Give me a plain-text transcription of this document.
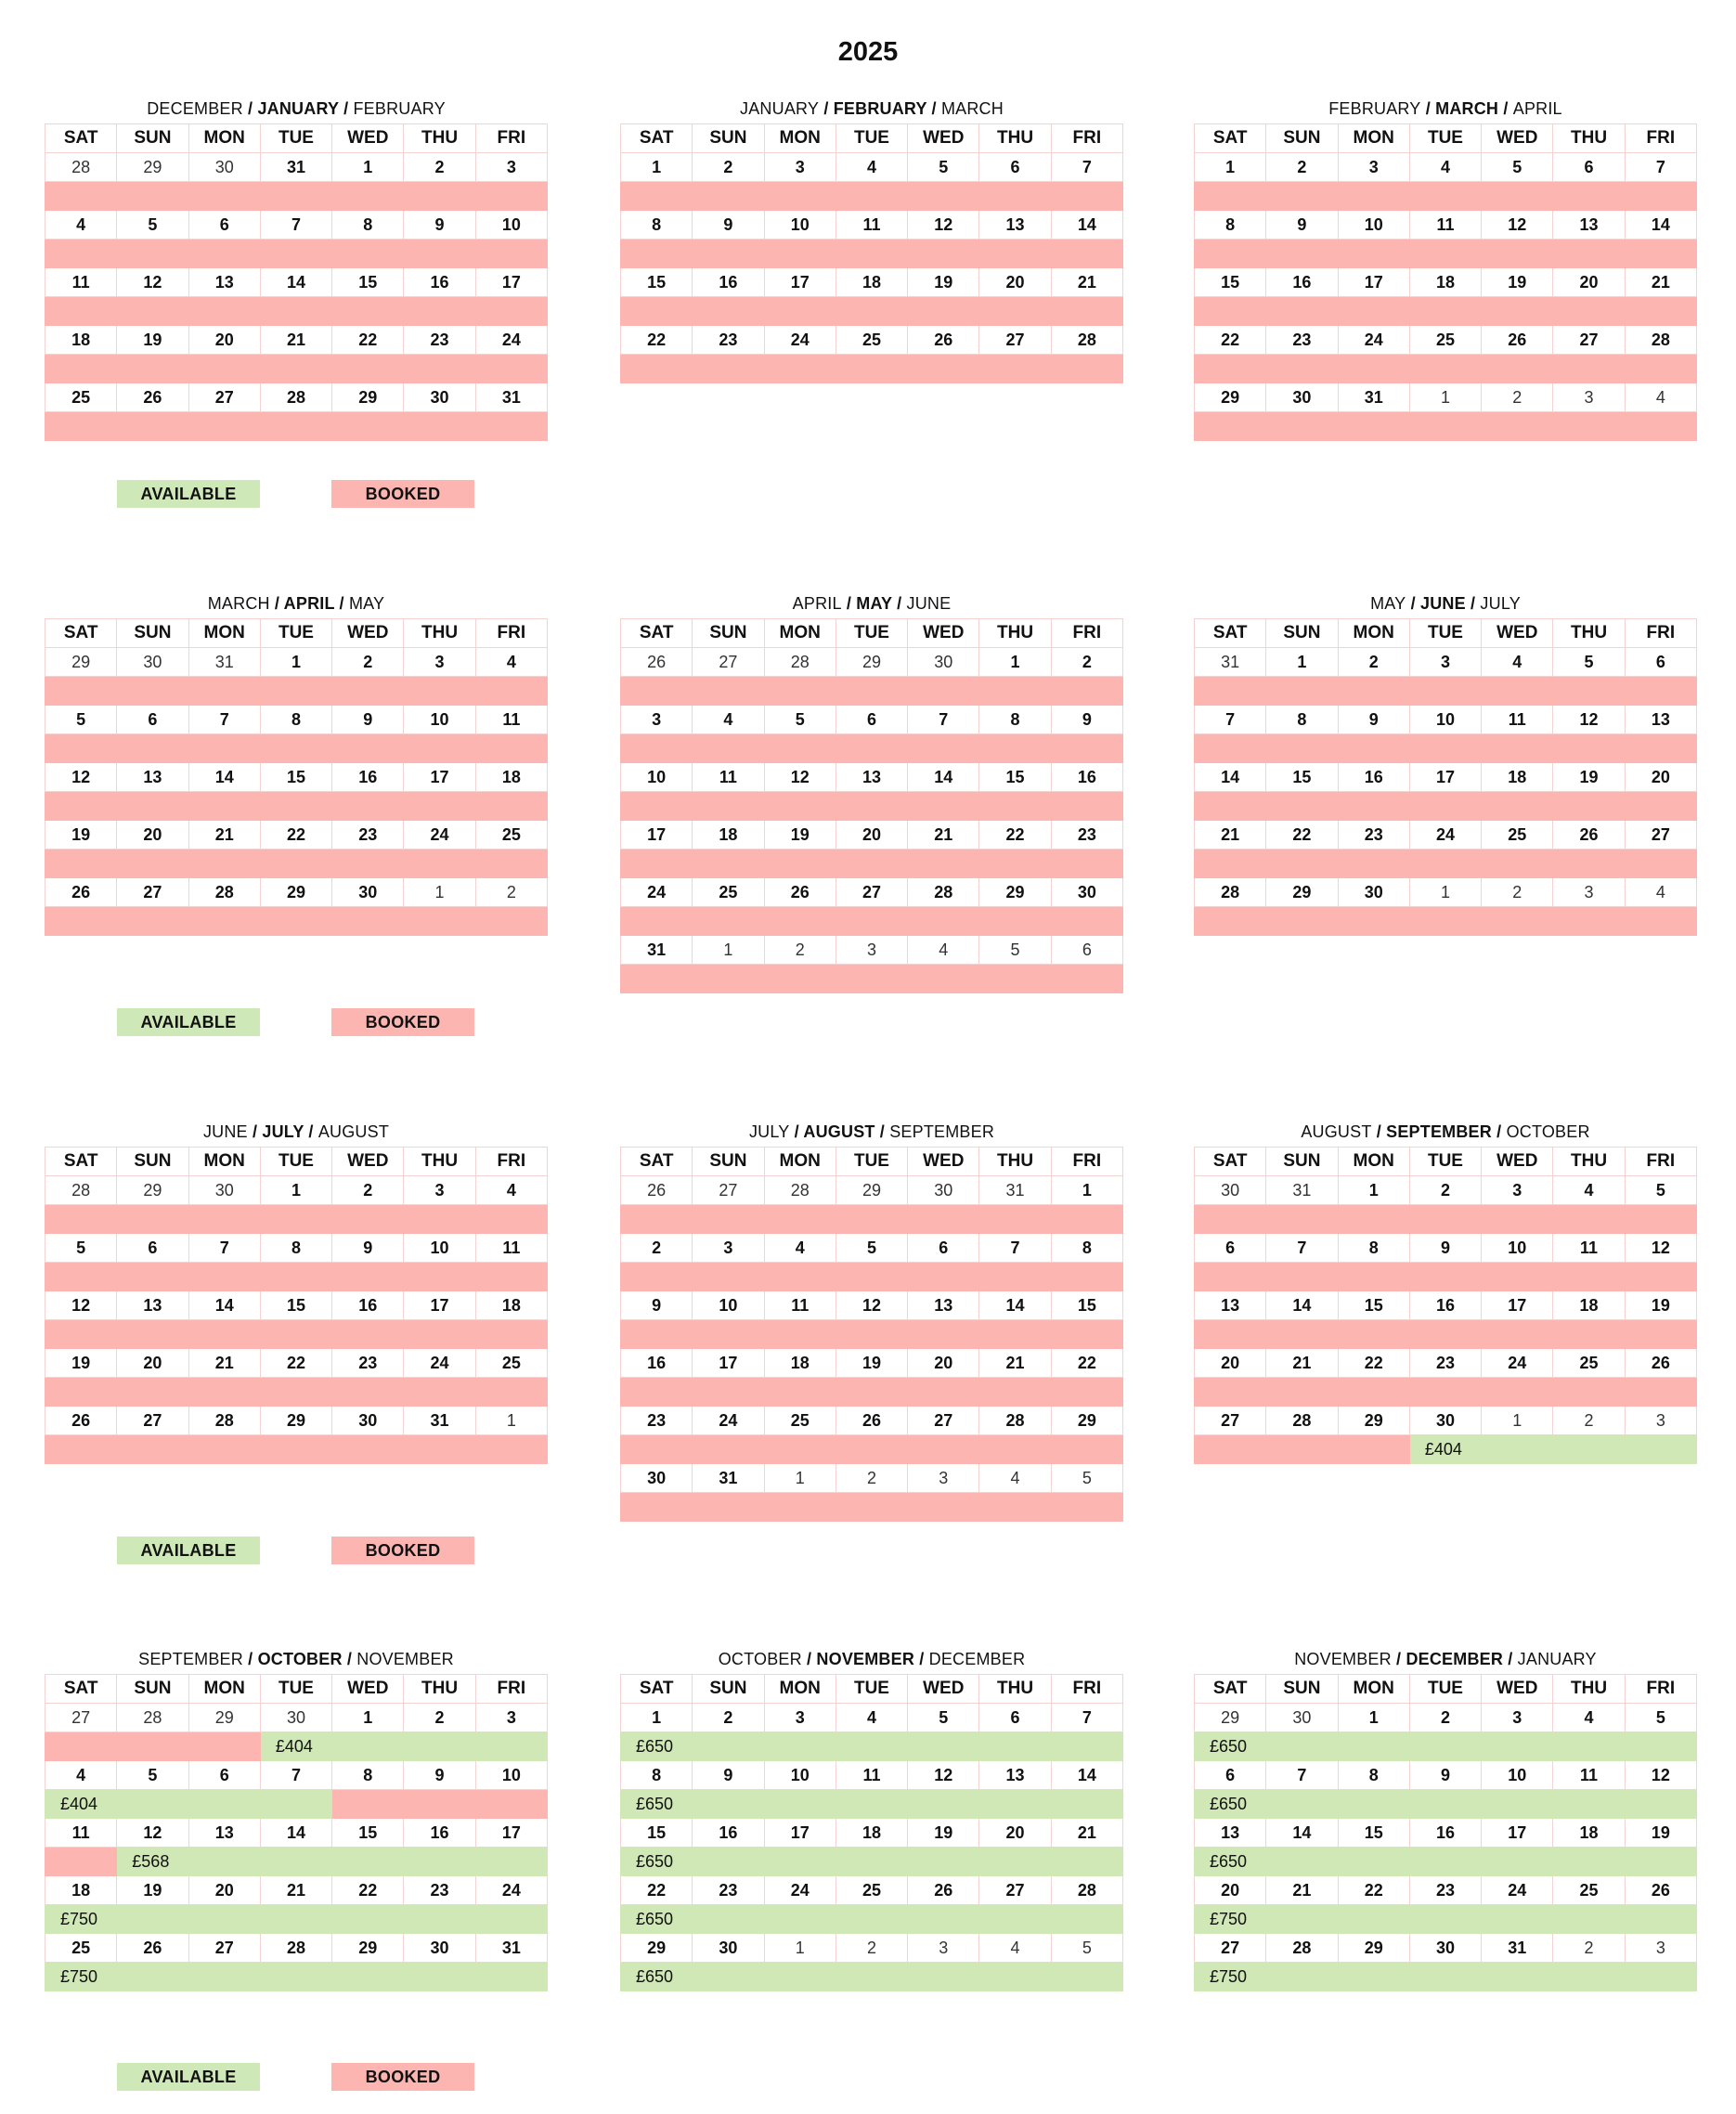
2025
DECEMBER / JANUARY / FEBRUARY
SAT	SUN	MON	TUE	WED	THU	FRI
28	29	30	31	1	2	3

4	5	6	7	8	9	10

11	12	13	14	15	16	17

18	19	20	21	22	23	24

25	26	27	28	29	30	31

JANUARY / FEBRUARY / MARCH
SAT	SUN	MON	TUE	WED	THU	FRI
1	2	3	4	5	6	7

8	9	10	11	12	13	14

15	16	17	18	19	20	21

22	23	24	25	26	27	28

FEBRUARY / MARCH / APRIL
SAT	SUN	MON	TUE	WED	THU	FRI
1	2	3	4	5	6	7

8	9	10	11	12	13	14

15	16	17	18	19	20	21

22	23	24	25	26	27	28

29	30	31	1	2	3	4

MARCH / APRIL / MAY
SAT	SUN	MON	TUE	WED	THU	FRI
29	30	31	1	2	3	4

5	6	7	8	9	10	11

12	13	14	15	16	17	18

19	20	21	22	23	24	25

26	27	28	29	30	1	2

APRIL / MAY / JUNE
SAT	SUN	MON	TUE	WED	THU	FRI
26	27	28	29	30	1	2

3	4	5	6	7	8	9

10	11	12	13	14	15	16

17	18	19	20	21	22	23

24	25	26	27	28	29	30

31	1	2	3	4	5	6

MAY / JUNE / JULY
SAT	SUN	MON	TUE	WED	THU	FRI
31	1	2	3	4	5	6

7	8	9	10	11	12	13

14	15	16	17	18	19	20

21	22	23	24	25	26	27

28	29	30	1	2	3	4

JUNE / JULY / AUGUST
SAT	SUN	MON	TUE	WED	THU	FRI
28	29	30	1	2	3	4

5	6	7	8	9	10	11

12	13	14	15	16	17	18

19	20	21	22	23	24	25

26	27	28	29	30	31	1

JULY / AUGUST / SEPTEMBER
SAT	SUN	MON	TUE	WED	THU	FRI
26	27	28	29	30	31	1

2	3	4	5	6	7	8

9	10	11	12	13	14	15

16	17	18	19	20	21	22

23	24	25	26	27	28	29

30	31	1	2	3	4	5

AUGUST / SEPTEMBER / OCTOBER
SAT	SUN	MON	TUE	WED	THU	FRI
30	31	1	2	3	4	5

6	7	8	9	10	11	12

13	14	15	16	17	18	19

20	21	22	23	24	25	26

27	28	29	30	1	2	3
			£404			
SEPTEMBER / OCTOBER / NOVEMBER
SAT	SUN	MON	TUE	WED	THU	FRI
27	28	29	30	1	2	3
			£404			
4	5	6	7	8	9	10
£404						
11	12	13	14	15	16	17
	£568					
18	19	20	21	22	23	24
£750						
25	26	27	28	29	30	31
£750						
OCTOBER / NOVEMBER / DECEMBER
SAT	SUN	MON	TUE	WED	THU	FRI
1	2	3	4	5	6	7
£650						
8	9	10	11	12	13	14
£650						
15	16	17	18	19	20	21
£650						
22	23	24	25	26	27	28
£650						
29	30	1	2	3	4	5
£650						
NOVEMBER / DECEMBER / JANUARY
SAT	SUN	MON	TUE	WED	THU	FRI
29	30	1	2	3	4	5
£650						
6	7	8	9	10	11	12
£650						
13	14	15	16	17	18	19
£650						
20	21	22	23	24	25	26
£750						
27	28	29	30	31	2	3
£750						
AVAILABLE	BOOKED
AVAILABLE	BOOKED
AVAILABLE	BOOKED
AVAILABLE	BOOKED
